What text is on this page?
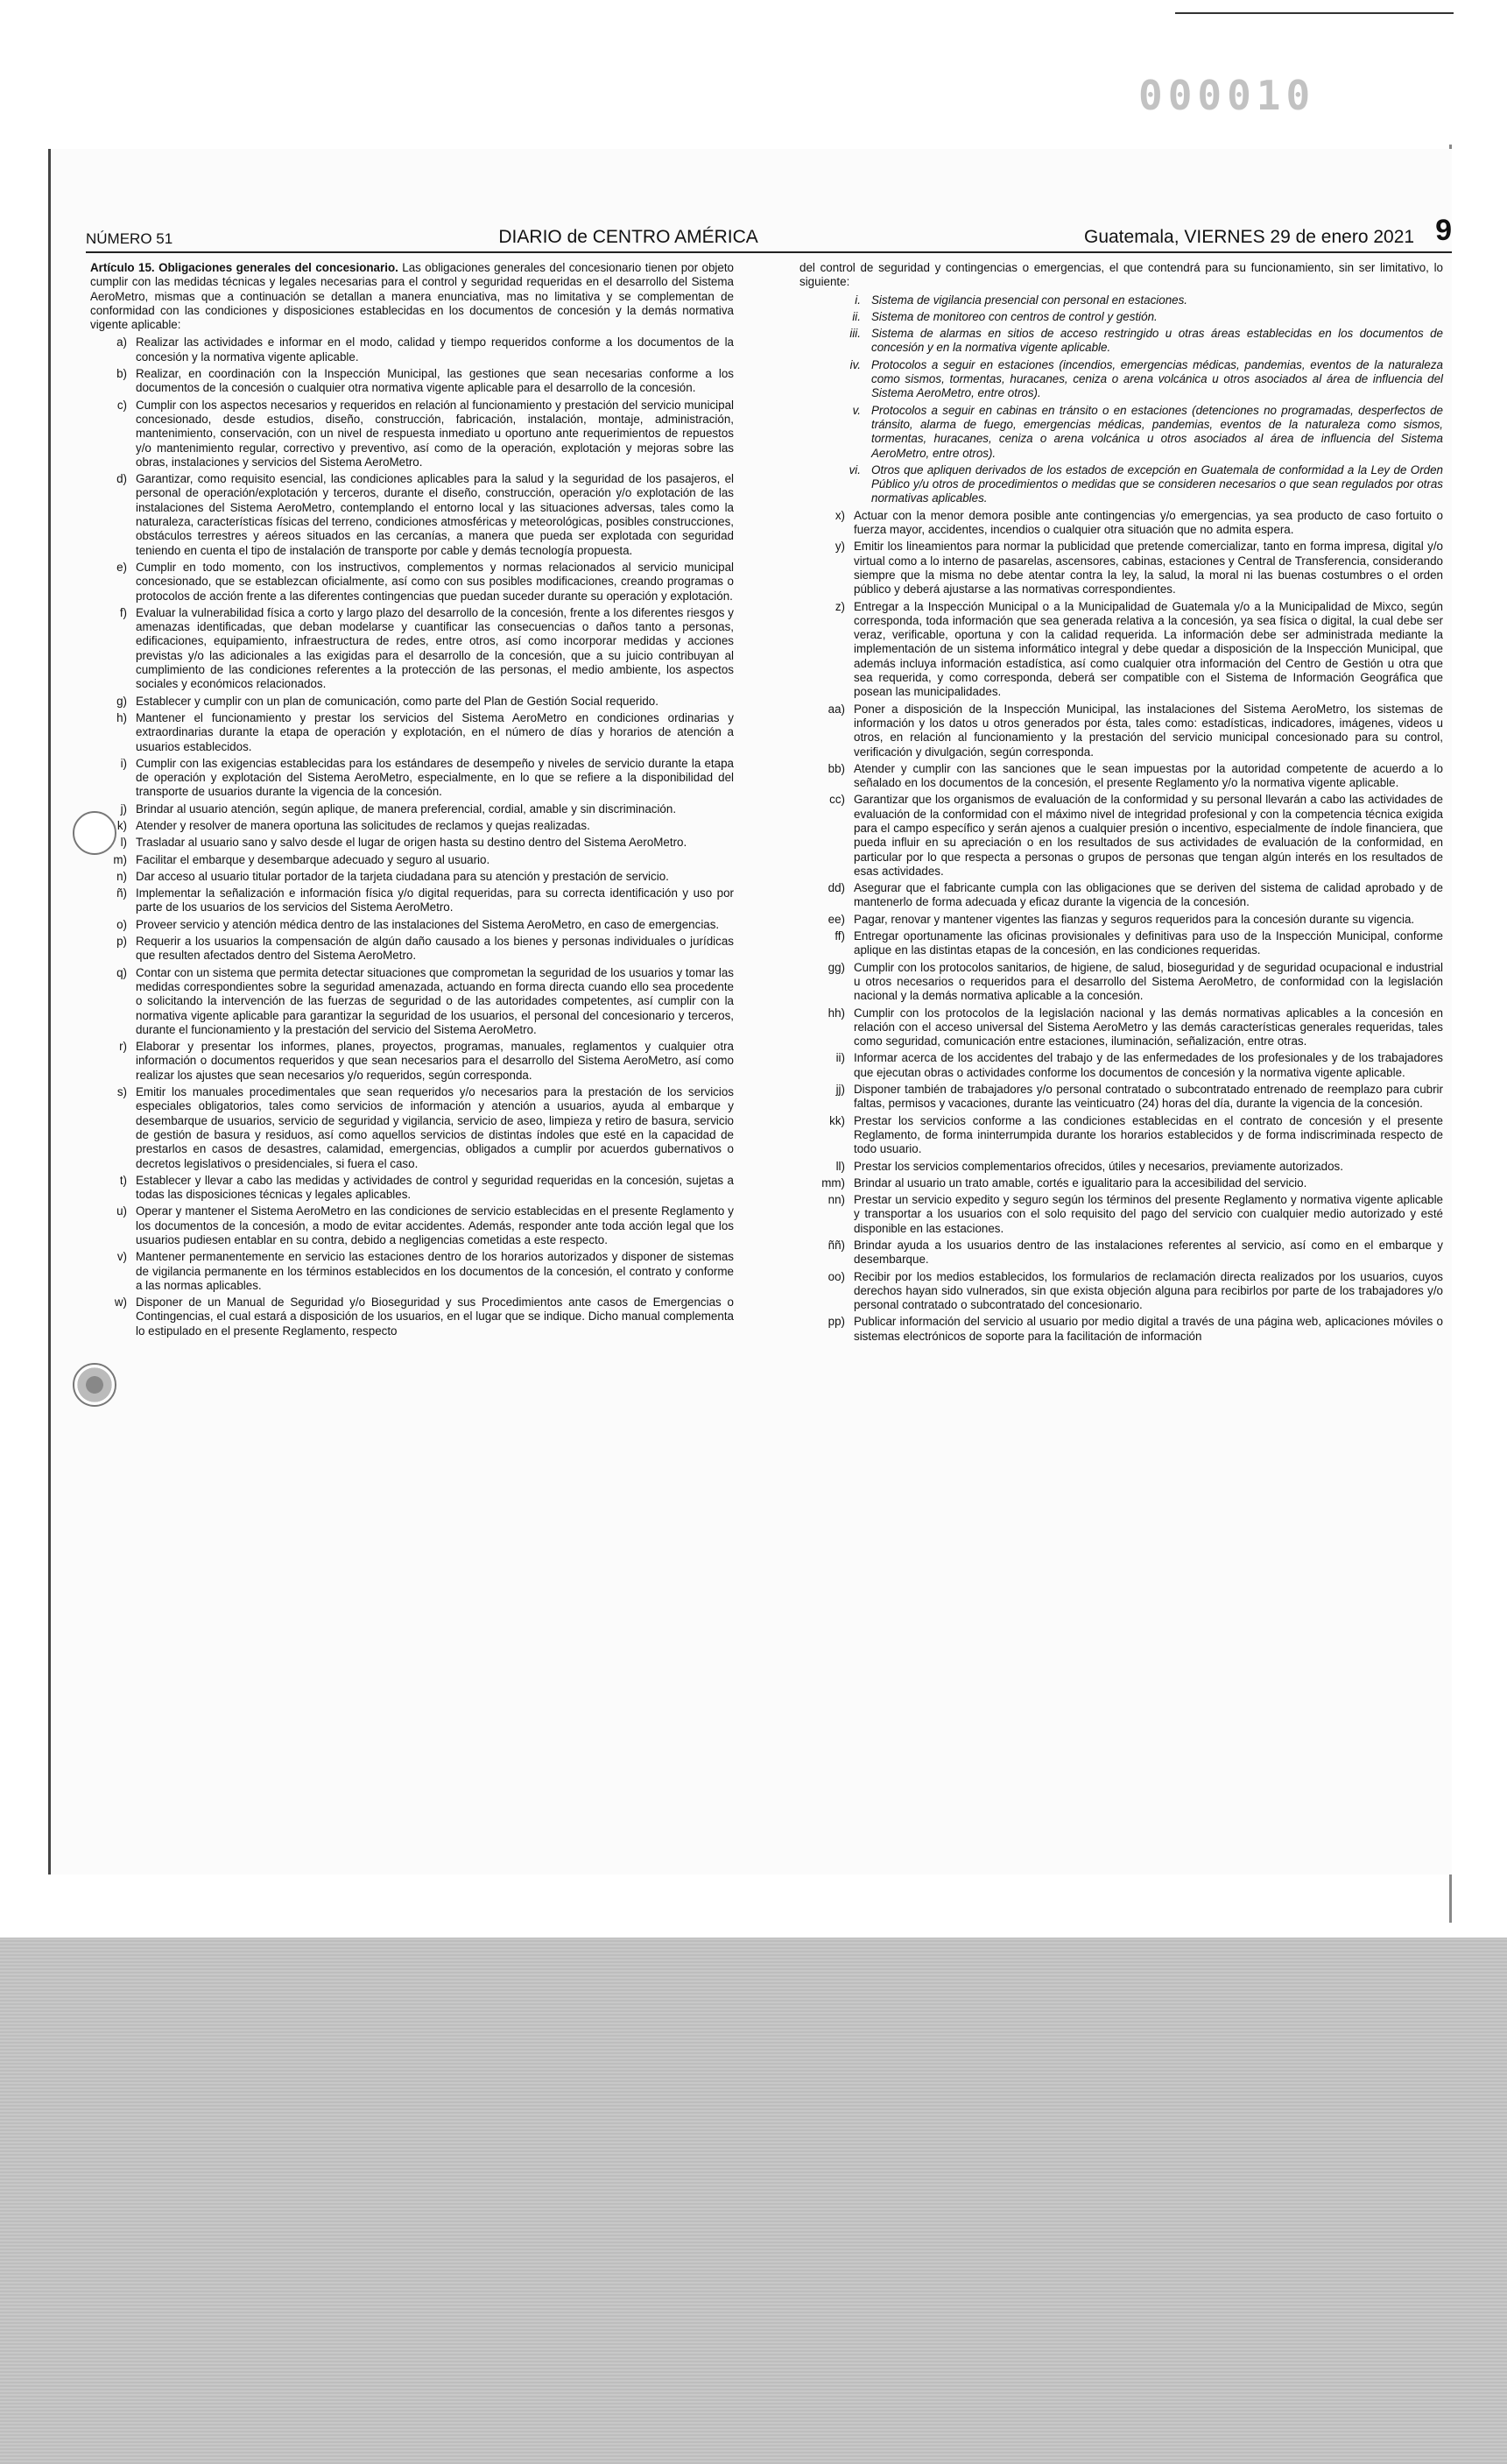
000010
NÚMERO 51	DIARIO de CENTRO AMÉRICA	Guatemala, VIERNES 29 de enero 2021 9

Artículo 15. Obligaciones generales del concesionario. Las obligaciones generales del concesionario tienen por objeto cumplir con las medidas técnicas y legales necesarias para el control y seguridad requeridas en el desarrollo del Sistema AeroMetro, mismas que a continuación se detallan a manera enunciativa, mas no limitativa y se complementan de conformidad con las condiciones y disposiciones establecidas en los documentos de concesión y la demás normativa vigente aplicable:

a) Realizar las actividades e informar en el modo, calidad y tiempo requeridos conforme a los documentos de la concesión y la normativa vigente aplicable.
b) Realizar, en coordinación con la Inspección Municipal, las gestiones que sean necesarias conforme a los documentos de la concesión o cualquier otra normativa vigente aplicable para el desarrollo de la concesión.
c) Cumplir con los aspectos necesarios y requeridos en relación al funcionamiento y prestación del servicio municipal concesionado, desde estudios, diseño, construcción, fabricación, instalación, montaje, administración, mantenimiento, conservación, con un nivel de respuesta inmediato u oportuno ante requerimientos de repuestos y/o mantenimiento regular, correctivo y preventivo, así como de la operación, explotación y mejoras sobre las obras, instalaciones y servicios del Sistema AeroMetro.
d) Garantizar, como requisito esencial, las condiciones aplicables para la salud y la seguridad de los pasajeros, el personal de operación/explotación y terceros, durante el diseño, construcción, operación y/o explotación de las instalaciones del Sistema AeroMetro, contemplando el entorno local y las situaciones adversas, tales como la naturaleza, características físicas del terreno, condiciones atmosféricas y meteorológicas, posibles construcciones, obstáculos terrestres y aéreos situados en las cercanías, a manera que pueda ser explotada con seguridad teniendo en cuenta el tipo de instalación de transporte por cable y demás tecnología propuesta.
e) Cumplir en todo momento, con los instructivos, complementos y normas relacionados al servicio municipal concesionado, que se establezcan oficialmente, así como con sus posibles modificaciones, creando programas o protocolos de acción frente a las diferentes contingencias que puedan suceder durante su operación y explotación.
f) Evaluar la vulnerabilidad física a corto y largo plazo del desarrollo de la concesión, frente a los diferentes riesgos y amenazas identificadas, que deban modelarse y cuantificar las consecuencias o daños tanto a personas, edificaciones, equipamiento, infraestructura de redes, entre otros, así como incorporar medidas y acciones previstas y/o las adicionales a las exigidas para el desarrollo de la concesión, que a su juicio contribuyan al cumplimiento de las condiciones referentes a la protección de las personas, el medio ambiente, los aspectos sociales y económicos relacionados.
g) Establecer y cumplir con un plan de comunicación, como parte del Plan de Gestión Social requerido.
h) Mantener el funcionamiento y prestar los servicios del Sistema AeroMetro en condiciones ordinarias y extraordinarias durante la etapa de operación y explotación, en el número de días y horarios de atención a usuarios establecidos.
i) Cumplir con las exigencias establecidas para los estándares de desempeño y niveles de servicio durante la etapa de operación y explotación del Sistema AeroMetro, especialmente, en lo que se refiere a la disponibilidad del transporte de usuarios durante la vigencia de la concesión.
j) Brindar al usuario atención, según aplique, de manera preferencial, cordial, amable y sin discriminación.
k) Atender y resolver de manera oportuna las solicitudes de reclamos y quejas realizadas.
l) Trasladar al usuario sano y salvo desde el lugar de origen hasta su destino dentro del Sistema AeroMetro.
m) Facilitar el embarque y desembarque adecuado y seguro al usuario.
n) Dar acceso al usuario titular portador de la tarjeta ciudadana para su atención y prestación de servicio.
ñ) Implementar la señalización e información física y/o digital requeridas, para su correcta identificación y uso por parte de los usuarios de los servicios del Sistema AeroMetro.
o) Proveer servicio y atención médica dentro de las instalaciones del Sistema AeroMetro, en caso de emergencias.
p) Requerir a los usuarios la compensación de algún daño causado a los bienes y personas individuales o jurídicas que resulten afectados dentro del Sistema AeroMetro.
q) Contar con un sistema que permita detectar situaciones que comprometan la seguridad de los usuarios y tomar las medidas correspondientes sobre la seguridad amenazada, actuando en forma directa cuando ello sea procedente o solicitando la intervención de las fuerzas de seguridad o de las autoridades competentes, así cumplir con la normativa vigente aplicable para garantizar la seguridad de los usuarios, el personal del concesionario y terceros, durante el funcionamiento y la prestación del servicio del Sistema AeroMetro.
r) Elaborar y presentar los informes, planes, proyectos, programas, manuales, reglamentos y cualquier otra información o documentos requeridos y que sean necesarios para el desarrollo del Sistema AeroMetro, así como realizar los ajustes que sean necesarios y/o requeridos, según corresponda.
s) Emitir los manuales procedimentales que sean requeridos y/o necesarios para la prestación de los servicios especiales obligatorios, tales como servicios de información y atención a usuarios, ayuda al embarque y desembarque de usuarios, servicio de seguridad y vigilancia, servicio de aseo, limpieza y retiro de basura, servicio de gestión de basura y residuos, así como aquellos servicios de distintas índoles que esté en la capacidad de prestarlos en casos de desastres, calamidad, emergencias, obligados a cumplir por acuerdos gubernativos o decretos legislativos o presidenciales, si fuera el caso.
t) Establecer y llevar a cabo las medidas y actividades de control y seguridad requeridas en la concesión, sujetas a todas las disposiciones técnicas y legales aplicables.
u) Operar y mantener el Sistema AeroMetro en las condiciones de servicio establecidas en el presente Reglamento y los documentos de la concesión, a modo de evitar accidentes. Además, responder ante toda acción legal que los usuarios pudiesen entablar en su contra, debido a negligencias cometidas a este respecto.
v) Mantener permanentemente en servicio las estaciones dentro de los horarios autorizados y disponer de sistemas de vigilancia permanente en los términos establecidos en los documentos de la concesión, el contrato y conforme a las normas aplicables.
w) Disponer de un Manual de Seguridad y/o Bioseguridad y sus Procedimientos ante casos de Emergencias o Contingencias, el cual estará a disposición de los usuarios, en el lugar que se indique. Dicho manual complementa lo estipulado en el presente Reglamento, respecto

del control de seguridad y contingencias o emergencias, el que contendrá para su funcionamiento, sin ser limitativo, lo siguiente:

i. Sistema de vigilancia presencial con personal en estaciones.
ii. Sistema de monitoreo con centros de control y gestión.
iii. Sistema de alarmas en sitios de acceso restringido u otras áreas establecidas en los documentos de concesión y en la normativa vigente aplicable.
iv. Protocolos a seguir en estaciones (incendios, emergencias médicas, pandemias, eventos de la naturaleza como sismos, tormentas, huracanes, ceniza o arena volcánica u otros asociados al área de influencia del Sistema AeroMetro, entre otros).
v. Protocolos a seguir en cabinas en tránsito o en estaciones (detenciones no programadas, desperfectos de tránsito, alarma de fuego, emergencias médicas, pandemias, eventos de la naturaleza como sismos, tormentas, huracanes, ceniza o arena volcánica u otros asociados al área de influencia del Sistema AeroMetro, entre otros).
vi. Otros que apliquen derivados de los estados de excepción en Guatemala de conformidad a la Ley de Orden Público y/u otros de procedimientos o medidas que se consideren necesarios o que sean regulados por otras normativas aplicables.
x) Actuar con la menor demora posible ante contingencias y/o emergencias, ya sea producto de caso fortuito o fuerza mayor, accidentes, incendios o cualquier otra situación que no admita espera.
y) Emitir los lineamientos para normar la publicidad que pretende comercializar, tanto en forma impresa, digital y/o virtual como a lo interno de pasarelas, ascensores, cabinas, estaciones y Central de Transferencia, considerando siempre que la misma no debe atentar contra la ley, la salud, la moral ni las buenas costumbres o el orden público y deberá ajustarse a las normativas correspondientes.
z) Entregar a la Inspección Municipal o a la Municipalidad de Guatemala y/o a la Municipalidad de Mixco, según corresponda, toda información que sea generada relativa a la concesión, ya sea física o digital, la cual debe ser veraz, verificable, oportuna y con la calidad requerida. La información debe ser administrada mediante la implementación de un sistema informático integral y debe quedar a disposición de la Inspección Municipal, que además incluya información estadística, así como cualquier otra información del Centro de Gestión u otra que sea requerida, y como corresponda, deberá ser compatible con el Sistema de Información Geográfica que posean las municipalidades.
aa) Poner a disposición de la Inspección Municipal, las instalaciones del Sistema AeroMetro, los sistemas de información y los datos u otros generados por ésta, tales como: estadísticas, indicadores, imágenes, videos u otros, en relación al funcionamiento y la prestación del servicio municipal concesionado para su control, verificación y divulgación, según corresponda.
bb) Atender y cumplir con las sanciones que le sean impuestas por la autoridad competente de acuerdo a lo señalado en los documentos de la concesión, el presente Reglamento y/o la normativa vigente aplicable.
cc) Garantizar que los organismos de evaluación de la conformidad y su personal llevarán a cabo las actividades de evaluación de la conformidad con el máximo nivel de integridad profesional y con la competencia técnica exigida para el campo específico y serán ajenos a cualquier presión o incentivo, especialmente de índole financiera, que pueda influir en su apreciación o en los resultados de sus actividades de evaluación de la conformidad, en particular por lo que respecta a personas o grupos de personas que tengan algún interés en los resultados de esas actividades.
dd) Asegurar que el fabricante cumpla con las obligaciones que se deriven del sistema de calidad aprobado y de mantenerlo de forma adecuada y eficaz durante la vigencia de la concesión.
ee) Pagar, renovar y mantener vigentes las fianzas y seguros requeridos para la concesión durante su vigencia.
ff) Entregar oportunamente las oficinas provisionales y definitivas para uso de la Inspección Municipal, conforme aplique en las distintas etapas de la concesión, en las condiciones requeridas.
gg) Cumplir con los protocolos sanitarios, de higiene, de salud, bioseguridad y de seguridad ocupacional e industrial u otros necesarios o requeridos para el desarrollo del Sistema AeroMetro, de conformidad con la legislación nacional y la demás normativa aplicable a la concesión.
hh) Cumplir con los protocolos de la legislación nacional y las demás normativas aplicables a la concesión en relación con el acceso universal del Sistema AeroMetro y las demás características generales requeridas, tales como seguridad, comunicación entre estaciones, iluminación, señalización, entre otras.
ii) Informar acerca de los accidentes del trabajo y de las enfermedades de los profesionales y de los trabajadores que ejecutan obras o actividades conforme los documentos de concesión y la normativa vigente aplicable.
jj) Disponer también de trabajadores y/o personal contratado o subcontratado entrenado de reemplazo para cubrir faltas, permisos y vacaciones, durante las veinticuatro (24) horas del día, durante la vigencia de la concesión.
kk) Prestar los servicios conforme a las condiciones establecidas en el contrato de concesión y el presente Reglamento, de forma ininterrumpida durante los horarios establecidos y de forma indiscriminada respecto de todo usuario.
ll) Prestar los servicios complementarios ofrecidos, útiles y necesarios, previamente autorizados.
mm) Brindar al usuario un trato amable, cortés e igualitario para la accesibilidad del servicio.
nn) Prestar un servicio expedito y seguro según los términos del presente Reglamento y normativa vigente aplicable y transportar a los usuarios con el solo requisito del pago del servicio con cualquier medio autorizado y esté disponible en las estaciones.
ññ) Brindar ayuda a los usuarios dentro de las instalaciones referentes al servicio, así como en el embarque y desembarque.
oo) Recibir por los medios establecidos, los formularios de reclamación directa realizados por los usuarios, cuyos derechos hayan sido vulnerados, sin que exista objeción alguna para recibirlos por parte de los trabajadores y/o personal contratado o subcontratado del concesionario.
pp) Publicar información del servicio al usuario por medio digital a través de una página web, aplicaciones móviles o sistemas electrónicos de soporte para la facilitación de información
